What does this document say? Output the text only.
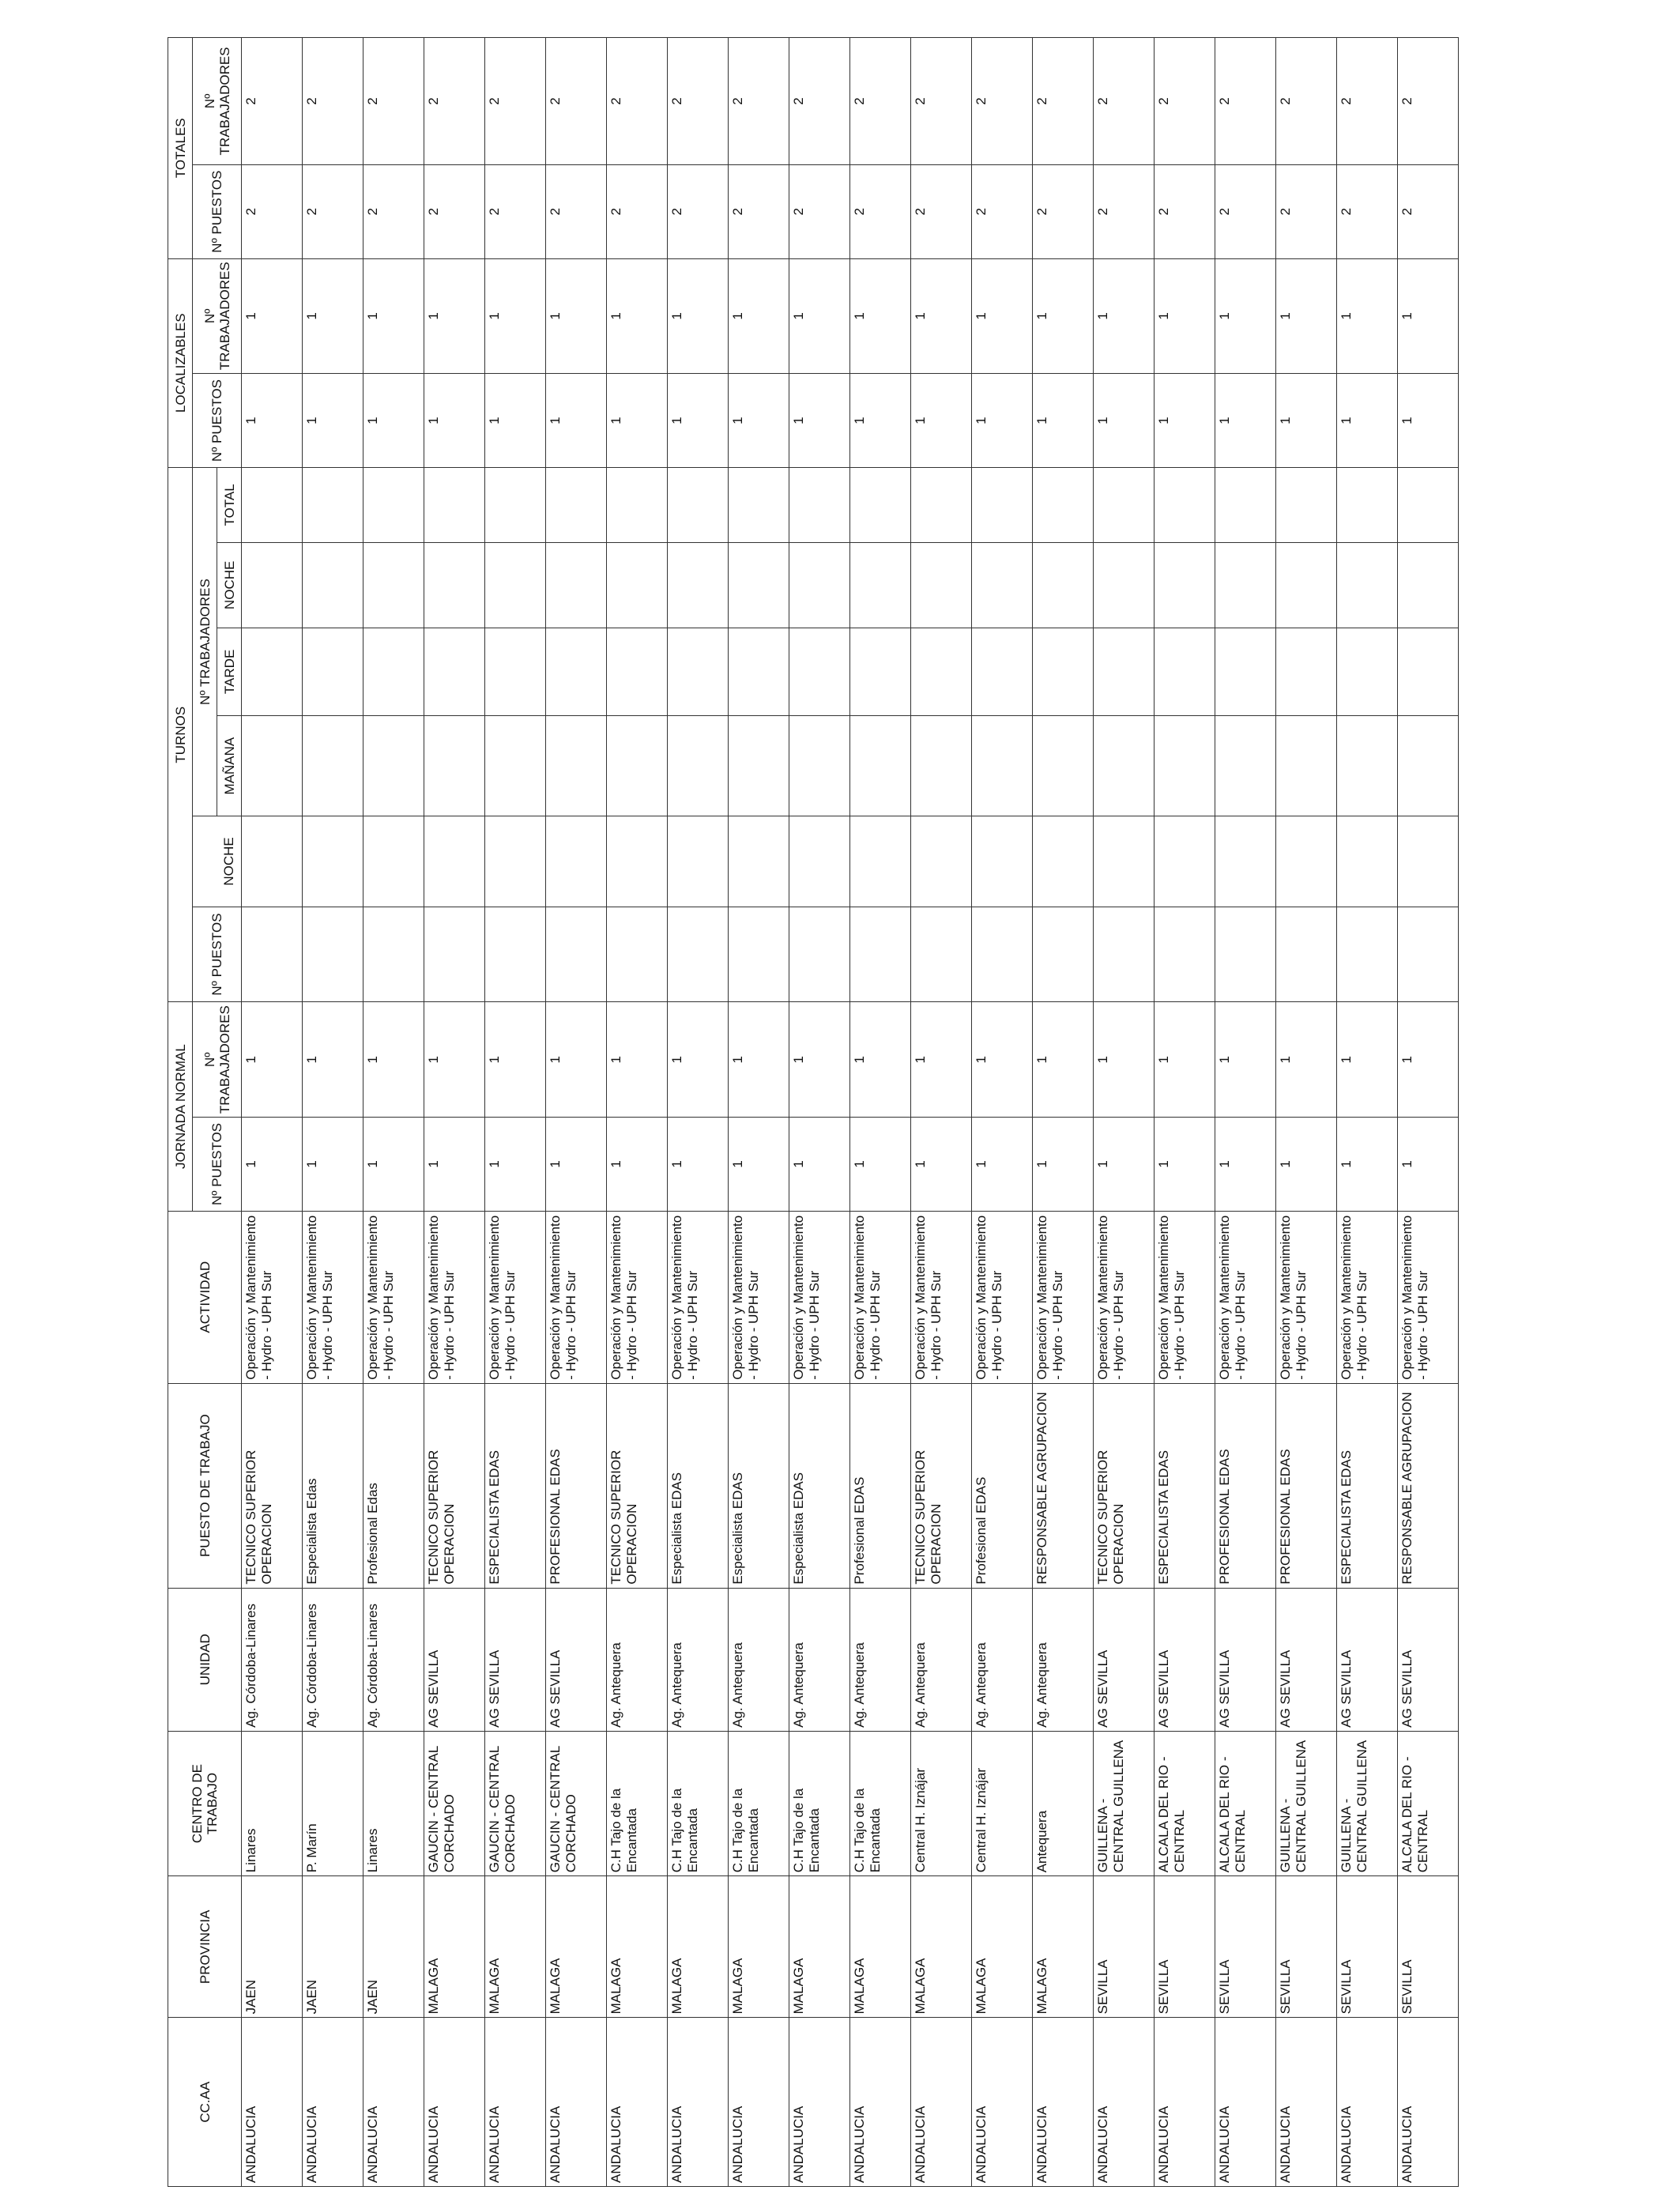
CC.AA	PROVINCIA	CENTRO DE TRABAJO	UNIDAD	PUESTO DE TRABAJO	ACTIVIDAD	JORNADA NORMAL		TURNOS						LOCALIZABLES		TOTALES	
						Nº PUESTOS	Nº TRABAJADORES	Nº PUESTOS		Nº TRABAJADORES				Nº PUESTOS	Nº TRABAJADORES	Nº PUESTOS	Nº TRABAJADORES
									NOCHE	MAÑANA	TARDE	NOCHE	TOTAL				
ANDALUCIA	JAEN	Linares	Ag. Córdoba-Linares	TECNICO SUPERIOR OPERACION	Operación y Mantenimiento - Hydro - UPH Sur	1	1							1	1	2	2
ANDALUCIA	JAEN	P. Marín	Ag. Córdoba-Linares	Especialista Edas	Operación y Mantenimiento - Hydro - UPH Sur	1	1							1	1	2	2
ANDALUCIA	JAEN	Linares	Ag. Córdoba-Linares	Profesional Edas	Operación y Mantenimiento - Hydro - UPH Sur	1	1							1	1	2	2
ANDALUCIA	MALAGA	GAUCIN - CENTRAL CORCHADO	AG SEVILLA	TECNICO SUPERIOR OPERACION	Operación y Mantenimiento - Hydro - UPH Sur	1	1							1	1	2	2
ANDALUCIA	MALAGA	GAUCIN - CENTRAL CORCHADO	AG SEVILLA	ESPECIALISTA EDAS	Operación y Mantenimiento - Hydro - UPH Sur	1	1							1	1	2	2
ANDALUCIA	MALAGA	GAUCIN - CENTRAL CORCHADO	AG SEVILLA	PROFESIONAL EDAS	Operación y Mantenimiento - Hydro - UPH Sur	1	1							1	1	2	2
ANDALUCIA	MALAGA	C.H Tajo de la Encantada	Ag. Antequera	TECNICO SUPERIOR OPERACION	Operación y Mantenimiento - Hydro - UPH Sur	1	1							1	1	2	2
ANDALUCIA	MALAGA	C.H Tajo de la Encantada	Ag. Antequera	Especialista EDAS	Operación y Mantenimiento - Hydro - UPH Sur	1	1							1	1	2	2
ANDALUCIA	MALAGA	C.H Tajo de la Encantada	Ag. Antequera	Especialista EDAS	Operación y Mantenimiento - Hydro - UPH Sur	1	1							1	1	2	2
ANDALUCIA	MALAGA	C.H Tajo de la Encantada	Ag. Antequera	Especialista EDAS	Operación y Mantenimiento - Hydro - UPH Sur	1	1							1	1	2	2
ANDALUCIA	MALAGA	C.H Tajo de la Encantada	Ag. Antequera	Profesional EDAS	Operación y Mantenimiento - Hydro - UPH Sur	1	1							1	1	2	2
ANDALUCIA	MALAGA	Central H. Iznájar	Ag. Antequera	TECNICO SUPERIOR OPERACION	Operación y Mantenimiento - Hydro - UPH Sur	1	1							1	1	2	2
ANDALUCIA	MALAGA	Central H. Iznájar	Ag. Antequera	Profesional EDAS	Operación y Mantenimiento - Hydro - UPH Sur	1	1							1	1	2	2
ANDALUCIA	MALAGA	Antequera	Ag. Antequera	RESPONSABLE AGRUPACION	Operación y Mantenimiento - Hydro - UPH Sur	1	1							1	1	2	2
ANDALUCIA	SEVILLA	GUILLENA - CENTRAL GUILLENA	AG SEVILLA	TECNICO SUPERIOR OPERACION	Operación y Mantenimiento - Hydro - UPH Sur	1	1							1	1	2	2
ANDALUCIA	SEVILLA	ALCALA DEL RIO - CENTRAL	AG SEVILLA	ESPECIALISTA EDAS	Operación y Mantenimiento - Hydro - UPH Sur	1	1							1	1	2	2
ANDALUCIA	SEVILLA	ALCALA DEL RIO - CENTRAL	AG SEVILLA	PROFESIONAL EDAS	Operación y Mantenimiento - Hydro - UPH Sur	1	1							1	1	2	2
ANDALUCIA	SEVILLA	GUILLENA - CENTRAL GUILLENA	AG SEVILLA	PROFESIONAL EDAS	Operación y Mantenimiento - Hydro - UPH Sur	1	1							1	1	2	2
ANDALUCIA	SEVILLA	GUILLENA - CENTRAL GUILLENA	AG SEVILLA	ESPECIALISTA EDAS	Operación y Mantenimiento - Hydro - UPH Sur	1	1							1	1	2	2
ANDALUCIA	SEVILLA	ALCALA DEL RIO - CENTRAL	AG SEVILLA	RESPONSABLE AGRUPACION	Operación y Mantenimiento - Hydro - UPH Sur	1	1							1	1	2	2
